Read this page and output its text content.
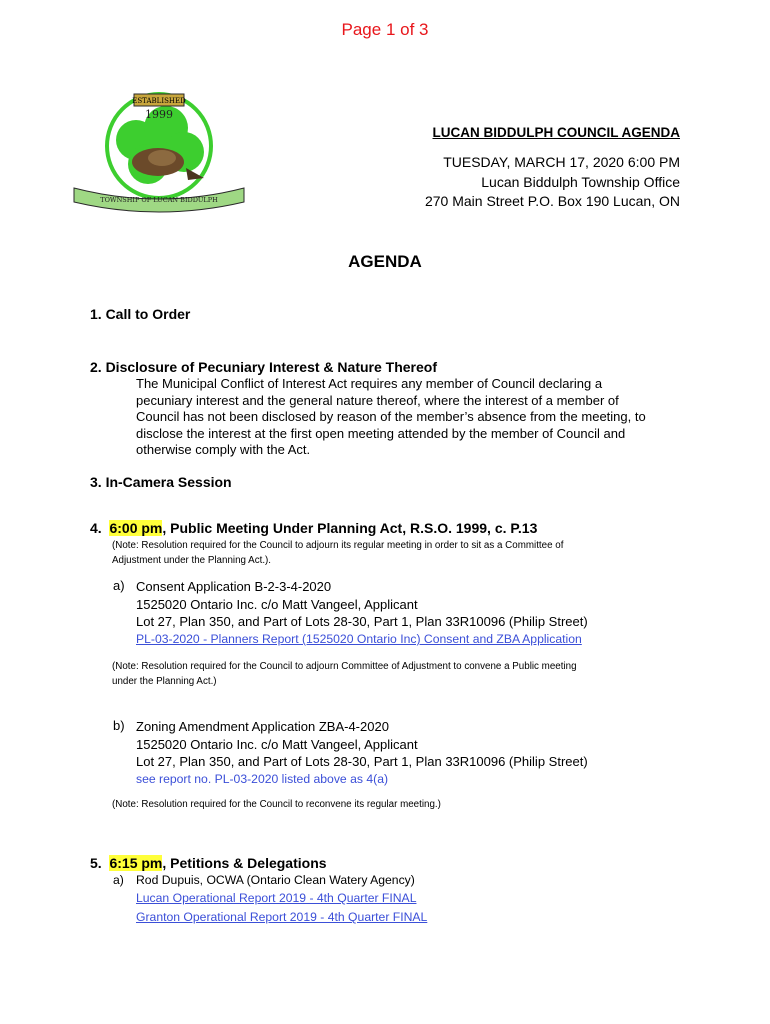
Page 1 of 3
ESTABLISHED
1999
TOWNSHIP OF LUCAN BIDDULPH
LUCAN BIDDULPH COUNCIL AGENDA
TUESDAY, MARCH 17, 2020 6:00 PM
Lucan Biddulph Township Office
270 Main Street P.O. Box 190 Lucan, ON
AGENDA
1. Call to Order
2. Disclosure of Pecuniary Interest & Nature Thereof
The Municipal Conflict of Interest Act requires any member of Council declaring a
pecuniary interest and the general nature thereof, where the interest of a member of
Council has not been disclosed by reason of the member’s absence from the meeting, to
disclose the interest at the first open meeting attended by the member of Council and
otherwise comply with the Act.
3. In-Camera Session
4. 6:00 pm, Public Meeting Under Planning Act, R.S.O. 1999, c. P.13
(Note: Resolution required for the Council to adjourn its regular meeting in order to sit as a Committee of
Adjustment under the Planning Act.).
a) Consent Application B-2-3-4-2020
1525020 Ontario Inc. c/o Matt Vangeel, Applicant
Lot 27, Plan 350, and Part of Lots 28-30, Part 1, Plan 33R10096 (Philip Street)
PL-03-2020 - Planners Report (1525020 Ontario Inc) Consent and ZBA Application
(Note: Resolution required for the Council to adjourn Committee of Adjustment to convene a Public meeting
under the Planning Act.)
b) Zoning Amendment Application ZBA-4-2020
1525020 Ontario Inc. c/o Matt Vangeel, Applicant
Lot 27, Plan 350, and Part of Lots 28-30, Part 1, Plan 33R10096 (Philip Street)
see report no. PL-03-2020 listed above as 4(a)
(Note: Resolution required for the Council to reconvene its regular meeting.)
5. 6:15 pm, Petitions & Delegations
a) Rod Dupuis, OCWA (Ontario Clean Watery Agency)
Lucan Operational Report 2019 - 4th Quarter FINAL
Granton Operational Report 2019 - 4th Quarter FINAL
